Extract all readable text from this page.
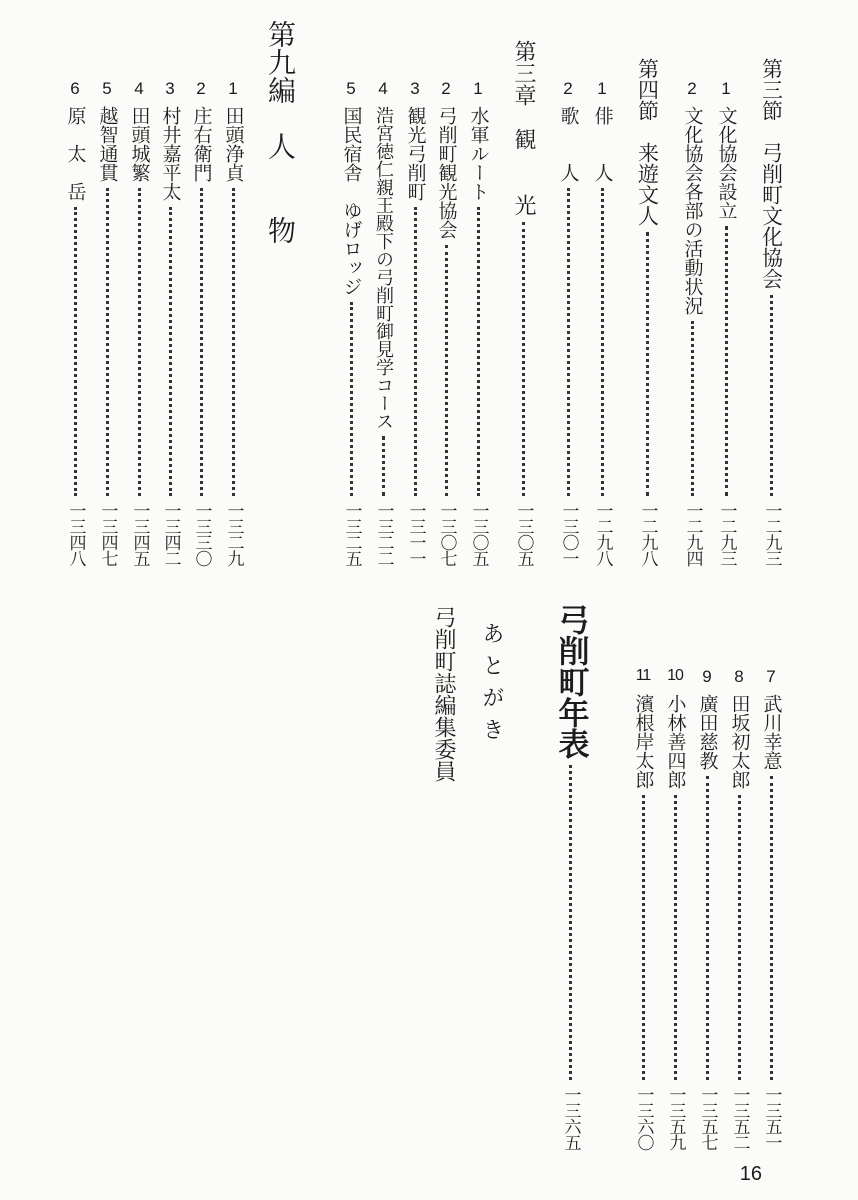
第三節　弓削町文化協会
一二九三
1
文化協会設立
一二九三
2
文化協会各部の活動状況
一二九四
第四節　来遊文人
一二九八
1
俳　　人
一二九八
2
歌　　人
一三〇一
第三章　観　　光
一三〇五
1
水軍ルート
一三〇五
2
弓削町観光協会
一三〇七
3
観光弓削町
一三一一
4
浩宮徳仁親王殿下の弓削町御見学コース
一三二二
5
国民宿舎　ゆげロッジ
一三二五
第九編　人　　物
1
田頭浄貞
一三二九
2
庄右衛門
一三三〇
3
村井嘉平太
一三四二
4
田頭城繁
一三四五
5
越智通貫
一三四七
6
原　太　岳
一三四八
7
武川幸意
一三五一
8
田坂初太郎
一三五二
9
廣田慈教
一三五七
10
小林善四郎
一三五九
11
濱根岸太郎
一三六〇
弓削町年表
一三六五
あとがき
弓削町誌編集委員
16
